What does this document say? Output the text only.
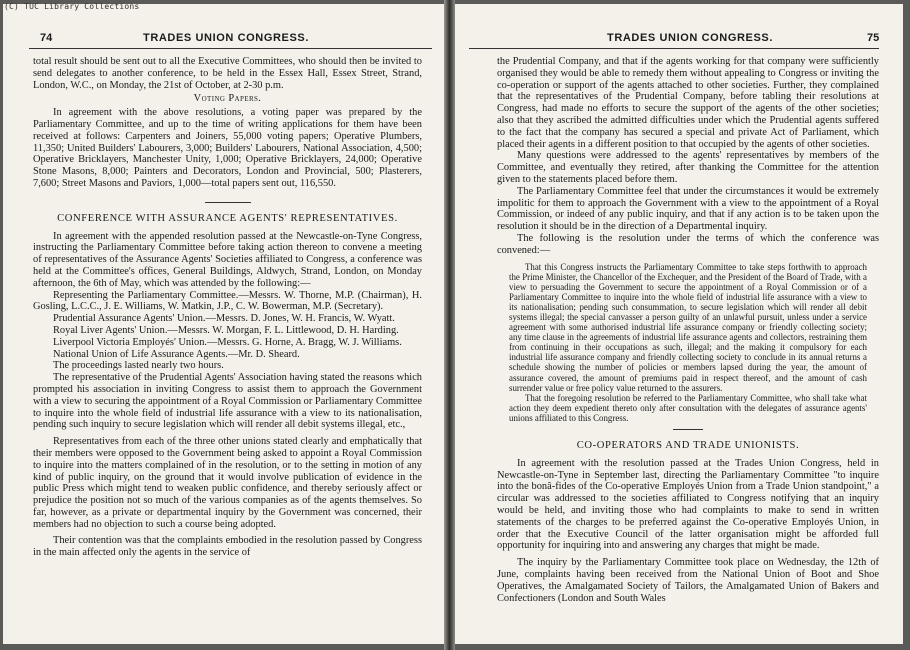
(C) TUC Library Collections
74	TRADES UNION CONGRESS.

total result should be sent out to all the Executive Committees, who should then be invited to send delegates to another conference, to be held in the Essex Hall, Essex Street, Strand, London, W.C., on Monday, the 21st of October, at 2-30 p.m.

Voting Papers.

In agreement with the above resolutions, a voting paper was prepared by the Parliamentary Committee, and up to the time of writing applications for them have been received at follows: Carpenters and Joiners, 55,000 voting papers; Operative Plumbers, 11,350; United Builders' Labourers, 3,000; Builders' Labourers, National Association, 4,500; Operative Bricklayers, Manchester Unity, 1,000; Operative Bricklayers, 24,000; Operative Stone Masons, 8,000; Painters and Decorators, London and Provincial, 500; Plasterers, 7,600; Street Masons and Paviors, 1,000—total papers sent out, 116,550.

CONFERENCE WITH ASSURANCE AGENTS' REPRESENTATIVES.

In agreement with the appended resolution passed at the Newcastle-on-Tyne Congress, instructing the Parliamentary Committee before taking action thereon to convene a meeting of representatives of the Assurance Agents' Societies affiliated to Congress, a conference was held at the Committee's offices, General Buildings, Aldwych, Strand, London, on Monday afternoon, the 6th of May, which was attended by the following:—

Representing the Parliamentary Committee.—Messrs. W. Thorne, M.P. (Chairman), H. Gosling, L.C.C., J. E. Williams, W. Matkin, J.P., C. W. Bowerman, M.P. (Secretary).

Prudential Assurance Agents' Union.—Messrs. D. Jones, W. H. Francis, W. Wyatt.

Royal Liver Agents' Union.—Messrs. W. Morgan, F. L. Littlewood, D. H. Harding.

Liverpool Victoria Employés' Union.—Messrs. G. Horne, A. Bragg, W. J. Williams.

National Union of Life Assurance Agents.—Mr. D. Sheard.

The proceedings lasted nearly two hours.

The representative of the Prudential Agents' Association having stated the reasons which prompted his association in inviting Congress to assist them to approach the Government with a view to securing the appointment of a Royal Commission or Parliamentary Committee to inquire into the whole field of industrial life assurance with a view to its nationalisation, pending such inquiry to secure legislation which will render all debit systems illegal, etc.,

Representatives from each of the three other unions stated clearly and emphatically that their members were opposed to the Government being asked to appoint a Royal Commission to inquire into the matters complained of in the resolution, or to the setting in motion of any kind of public inquiry, on the ground that it would involve publication of evidence in the public Press which might tend to weaken public confidence, and thereby seriously affect or prejudice the position not so much of the various companies as of the agents themselves. So far, however, as a private or departmental inquiry by the Government was concerned, their members had no objection to such a course being adopted.

Their contention was that the complaints embodied in the resolution passed by Congress in the main affected only the agents in the service of

TRADES UNION CONGRESS.	75

the Prudential Company, and that if the agents working for that company were sufficiently organised they would be able to remedy them without appealing to Congress or inviting the co-operation or support of the agents attached to other societies. Further, they complained that the representatives of the Prudential Company, before tabling their resolutions at Congress, had made no efforts to secure the support of the agents of the other societies; also that they ascribed the admitted difficulties under which the Prudential agents suffered to the fact that the company has secured a special and private Act of Parliament, which placed their agents in a different position to that occupied by the agents of other societies.

Many questions were addressed to the agents' representatives by members of the Committee, and eventually they retired, after thanking the Committee for the attention given to the statements placed before them.

The Parliamentary Committee feel that under the circumstances it would be extremely impolitic for them to approach the Government with a view to the appointment of a Royal Commission, or indeed of any public inquiry, and that if any action is to be taken upon the resolution it should be in the direction of a Departmental inquiry.

The following is the resolution under the terms of which the conference was convened:—

That this Congress instructs the Parliamentary Committee to take steps forthwith to approach the Prime Minister, the Chancellor of the Exchequer, and the President of the Board of Trade, with a view to persuading the Government to secure the appointment of a Royal Commission or of a Parliamentary Committee to inquire into the whole field of industrial life assurance with a view to its nationalisation; pending such consummation, to secure legislation which will render all debit systems illegal; the special canvasser a person guilty of an unlawful pursuit, unless under a service agreement with some authorised industrial life assurance company or friendly collecting society; any time clause in the agreements of industrial life assurance agents and collectors, restraining them from continuing in their occupations as such, illegal; and the making it compulsory for each industrial life assurance company and friendly collecting society to conclude in its annual returns a schedule showing the number of policies or members lapsed during the year, the amount of assurance covered, the amount of premiums paid in respect thereof, and the amount of cash surrender value or free policy value returned to the assurers.

That the foregoing resolution be referred to the Parliamentary Committee, who shall take what action they deem expedient thereto only after consultation with the delegates of assurance agents' unions affiliated to this Congress.

CO-OPERATORS AND TRADE UNIONISTS.

In agreement with the resolution passed at the Trades Union Congress, held in Newcastle-on-Tyne in September last, directing the Parliamentary Committee "to inquire into the bonâ-fides of the Co-operative Employés Union from a Trade Union standpoint," a circular was addressed to the societies affiliated to Congress notifying that an inquiry would be held, and inviting those who had complaints to make to send in written statements of the charges to be preferred against the Co-operative Employés Union, in order that the Executive Council of the latter organisation might be afforded full opportunity for inquiring into and answering any charges that might be made.

The inquiry by the Parliamentary Committee took place on Wednesday, the 12th of June, complaints having been received from the National Union of Boot and Shoe Operatives, the Amalgamated Society of Tailors, the Amalgamated Union of Bakers and Confectioners (London and South Wales
